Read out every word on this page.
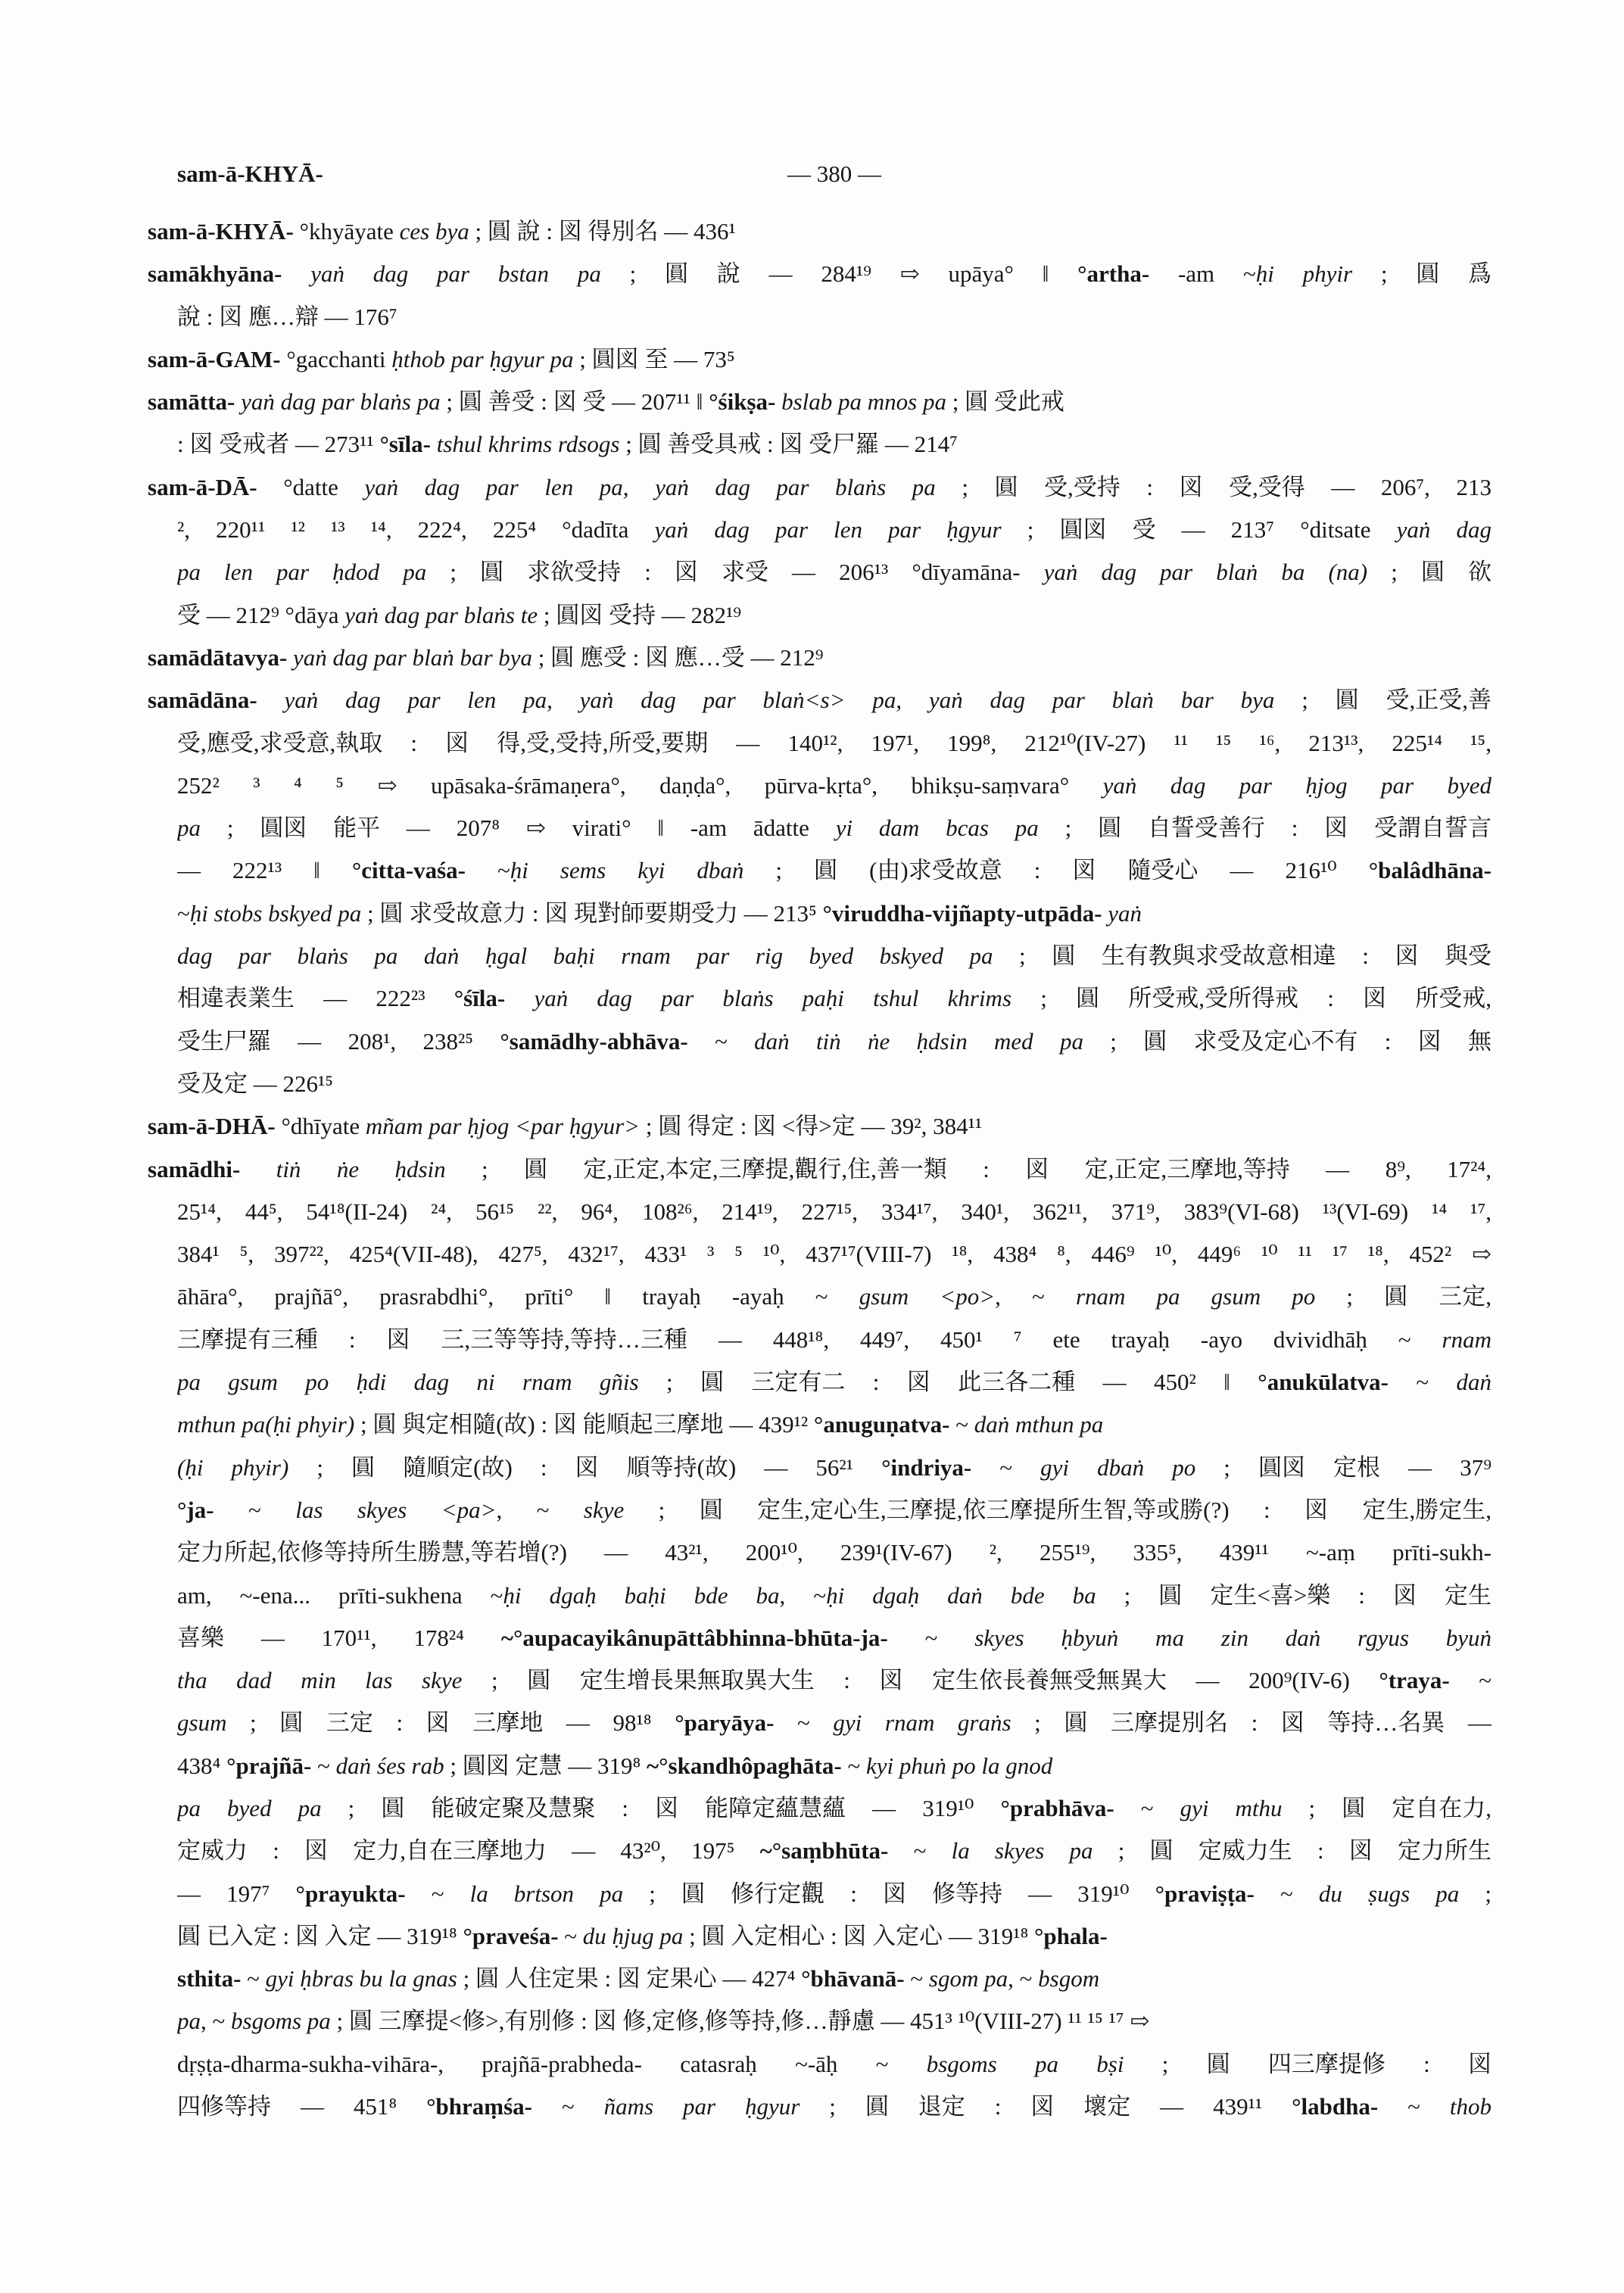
sam-ā-KHYĀ-	— 380 —
sam-ā-KHYĀ- °khyāyate ces bya ; 圓 說 : 図 得別名 — 436¹
samākhyāna- yaṅ dag par bstan pa ; 圓 說 — 284¹⁹ ⇨ upāya° ‖ °artha- -am ~ḥi phyir ; 圓 爲
說 : 図 應…辯 — 176⁷
sam-ā-GAM- °gacchanti ḥthob par ḥgyur pa ; 圓図 至 — 73⁵
samātta- yaṅ dag par blaṅs pa ; 圓 善受 : 図 受 — 207¹¹ ‖ °śikṣa- bslab pa mnos pa ; 圓 受此戒
: 図 受戒者 — 273¹¹ °sīla- tshul khrims rdsogs ; 圓 善受具戒 : 図 受尸羅 — 214⁷
sam-ā-DĀ- °datte yaṅ dag par len pa, yaṅ dag par blaṅs pa ; 圓 受,受持 : 図 受,受得 — 206⁷, 213
², 220¹¹ ¹² ¹³ ¹⁴, 222⁴, 225⁴ °dadīta yaṅ dag par len par ḥgyur ; 圓図 受 — 213⁷ °ditsate yaṅ dag
pa len par ḥdod pa ; 圓 求欲受持 : 図 求受 — 206¹³ °dīyamāna- yaṅ dag par blaṅ ba (na) ; 圓 欲
受 — 212⁹ °dāya yaṅ dag par blaṅs te ; 圓図 受持 — 282¹⁹
samādātavya- yaṅ dag par blaṅ bar bya ; 圓 應受 : 図 應…受 — 212⁹
samādāna- yaṅ dag par len pa, yaṅ dag par blaṅ<s> pa, yaṅ dag par blaṅ bar bya ; 圓 受,正受,善
受,應受,求受意,執取 : 図 得,受,受持,所受,要期 — 140¹², 197¹, 199⁸, 212¹⁰(IV-27) ¹¹ ¹⁵ ¹⁶, 213¹³, 225¹⁴ ¹⁵,
252² ³ ⁴ ⁵ ⇨ upāsaka-śrāmaṇera°, daṇḍa°, pūrva-kṛta°, bhikṣu-saṃvara° yaṅ dag par ḥjog par byed
pa ; 圓図 能平 — 207⁸ ⇨ virati° ‖ -am ādatte yi dam bcas pa ; 圓 自誓受善行 : 図 受謂自誓言
— 222¹³ ‖ °citta-vaśa- ~ḥi sems kyi dbaṅ ; 圓 (由)求受故意 : 図 隨受心 — 216¹⁰ °balâdhāna-
~ḥi stobs bskyed pa ; 圓 求受故意力 : 図 現對師要期受力 — 213⁵ °viruddha-vijñapty-utpāda- yaṅ
dag par blaṅs pa daṅ ḥgal baḥi rnam par rig byed bskyed pa ; 圓 生有教與求受故意相違 : 図 與受
相違表業生 — 222²³ °śīla- yaṅ dag par blaṅs paḥi tshul khrims ; 圓 所受戒,受所得戒 : 図 所受戒,
受生尸羅 — 208¹, 238²⁵ °samādhy-abhāva- ~ daṅ tiṅ ṅe ḥdsin med pa ; 圓 求受及定心不有 : 図 無
受及定 — 226¹⁵
sam-ā-DHĀ- °dhīyate mñam par ḥjog <par ḥgyur> ; 圓 得定 : 図 <得>定 — 39², 384¹¹
samādhi- tiṅ ṅe ḥdsin ; 圓 定,正定,本定,三摩提,觀行,住,善一類 : 図 定,正定,三摩地,等持 — 8⁹, 17²⁴,
25¹⁴, 44⁵, 54¹⁸(II-24) ²⁴, 56¹⁵ ²², 96⁴, 108²⁶, 214¹⁹, 227¹⁵, 334¹⁷, 340¹, 362¹¹, 371⁹, 383⁹(VI-68) ¹³(VI-69) ¹⁴ ¹⁷,
384¹ ⁵, 397²², 425⁴(VII-48), 427⁵, 432¹⁷, 433¹ ³ ⁵ ¹⁰, 437¹⁷(VIII-7) ¹⁸, 438⁴ ⁸, 446⁹ ¹⁰, 449⁶ ¹⁰ ¹¹ ¹⁷ ¹⁸, 452² ⇨
āhāra°, prajñā°, prasrabdhi°, prīti° ‖ trayaḥ -ayaḥ ~ gsum <po>, ~ rnam pa gsum po ; 圓 三定,
三摩提有三種 : 図 三,三等等持,等持…三種 — 448¹⁸, 449⁷, 450¹ ⁷ ete trayaḥ -ayo dvividhāḥ ~ rnam
pa gsum po ḥdi dag ni rnam gñis ; 圓 三定有二 : 図 此三各二種 — 450² ‖ °anukūlatva- ~ daṅ
mthun pa(ḥi phyir) ; 圓 與定相隨(故) : 図 能順起三摩地 — 439¹² °anuguṇatva- ~ daṅ mthun pa
(ḥi phyir) ; 圓 隨順定(故) : 図 順等持(故) — 56²¹ °indriya- ~ gyi dbaṅ po ; 圓図 定根 — 37⁹
°ja- ~ las skyes <pa>, ~ skye ; 圓 定生,定心生,三摩提,依三摩提所生智,等或勝(?) : 図 定生,勝定生,
定力所起,依修等持所生勝慧,等若增(?) — 43²¹, 200¹⁰, 239¹(IV-67) ², 255¹⁹, 335⁵, 439¹¹ ~-aṃ prīti-sukh-
am, ~-ena... prīti-sukhena ~ḥi dgaḥ baḥi bde ba, ~ḥi dgaḥ daṅ bde ba ; 圓 定生<喜>樂 : 図 定生
喜樂 — 170¹¹, 178²⁴ ~°aupacayikânupāttâbhinna-bhūta-ja- ~ skyes ḥbyuṅ ma zin daṅ rgyus byuṅ
tha dad min las skye ; 圓 定生增長果無取異大生 : 図 定生依長養無受無異大 — 200⁹(IV-6) °traya- ~
gsum ; 圓 三定 : 図 三摩地 — 98¹⁸ °paryāya- ~ gyi rnam graṅs ; 圓 三摩提別名 : 図 等持…名異 —
438⁴ °prajñā- ~ daṅ śes rab ; 圓図 定慧 — 319⁸ ~°skandhôpaghāta- ~ kyi phuṅ po la gnod
pa byed pa ; 圓 能破定聚及慧聚 : 図 能障定蘊慧蘊 — 319¹⁰ °prabhāva- ~ gyi mthu ; 圓 定自在力,
定威力 : 図 定力,自在三摩地力 — 43²⁰, 197⁵ ~°saṃbhūta- ~ la skyes pa ; 圓 定威力生 : 図 定力所生
— 197⁷ °prayukta- ~ la brtson pa ; 圓 修行定觀 : 図 修等持 — 319¹⁰ °praviṣṭa- ~ du ṣugs pa ;
圓 已入定 : 図 入定 — 319¹⁸ °praveśa- ~ du ḥjug pa ; 圓 入定相心 : 図 入定心 — 319¹⁸ °phala-
sthita- ~ gyi ḥbras bu la gnas ; 圓 人住定果 : 図 定果心 — 427⁴ °bhāvanā- ~ sgom pa, ~ bsgom
pa, ~ bsgoms pa ; 圓 三摩提<修>,有別修 : 図 修,定修,修等持,修…靜慮 — 451³ ¹⁰(VIII-27) ¹¹ ¹⁵ ¹⁷ ⇨
dṛṣṭa-dharma-sukha-vihāra-, prajñā-prabheda- catasraḥ ~-āḥ ~ bsgoms pa bṣi ; 圓 四三摩提修 : 図
四修等持 — 451⁸ °bhraṃśa- ~ ñams par ḥgyur ; 圓 退定 : 図 壞定 — 439¹¹ °labdha- ~ thob
